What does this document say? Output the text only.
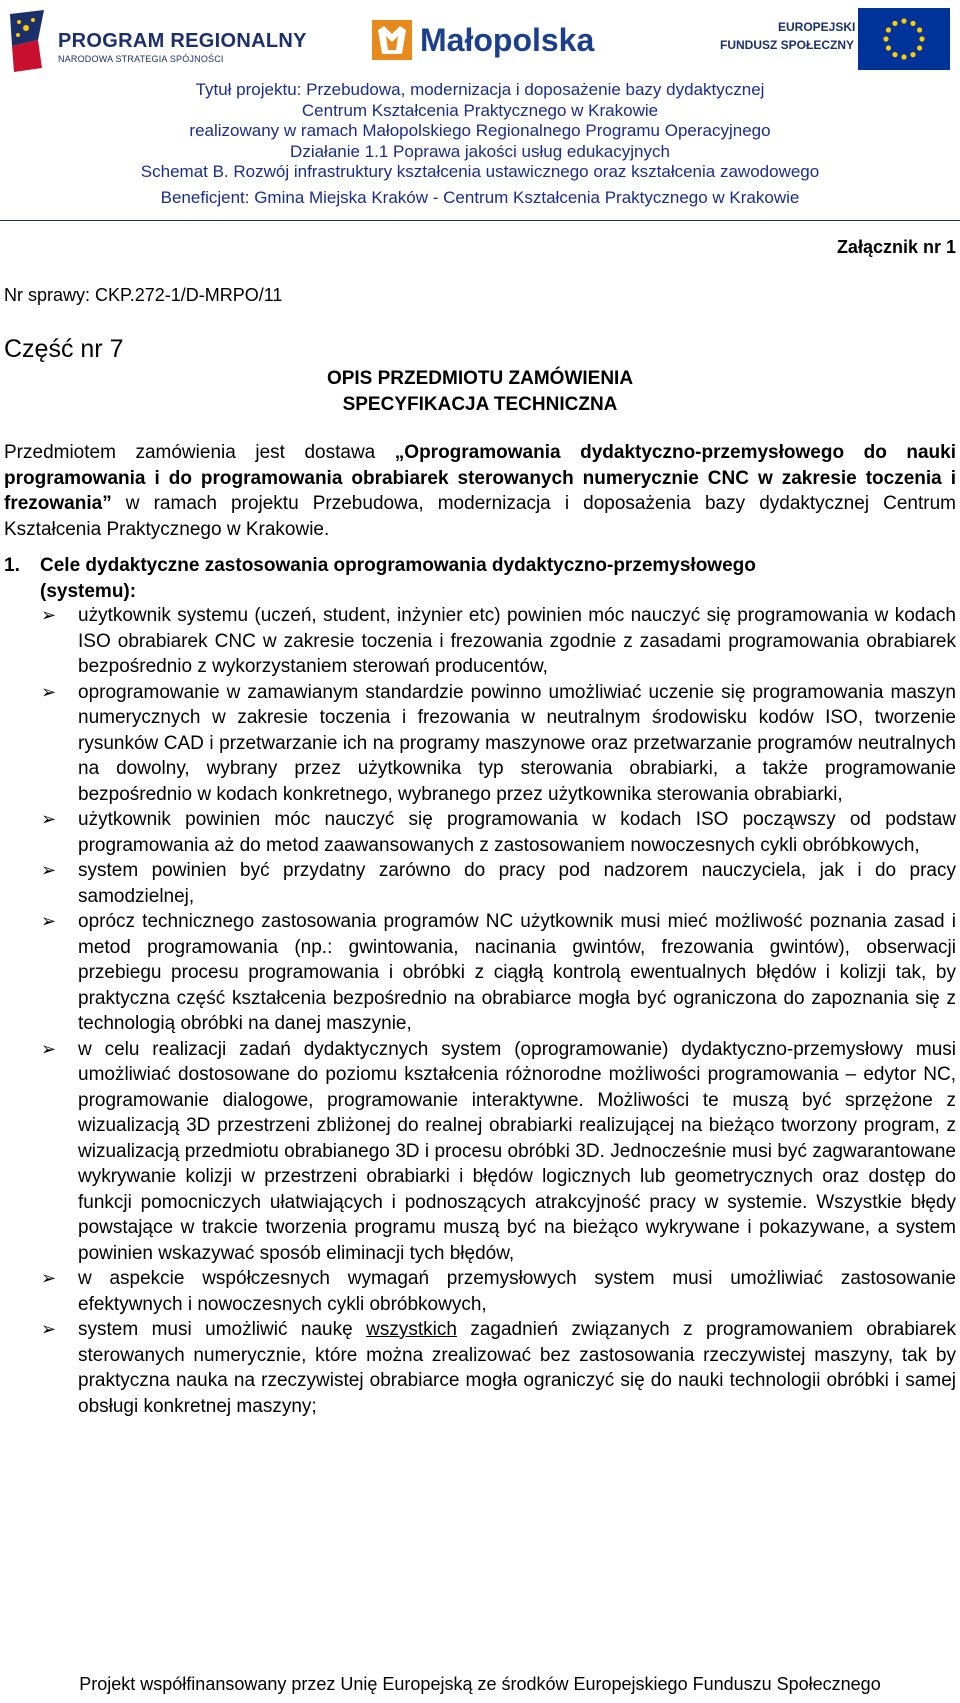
PROGRAM REGIONALNY
NARODOWA STRATEGIA SPÓJNOŚCI
Małopolska	EUROPEJSKI
FUNDUSZ SPOŁECZNY
Tytuł projektu: Przebudowa, modernizacja i doposażenie bazy dydaktycznej
Centrum Kształcenia Praktycznego w Krakowie
realizowany w ramach Małopolskiego Regionalnego Programu Operacyjnego
Działanie 1.1 Poprawa jakości usług edukacyjnych
Schemat B. Rozwój infrastruktury kształcenia ustawicznego oraz kształcenia zawodowego
Beneficjent: Gmina Miejska Kraków - Centrum Kształcenia Praktycznego w Krakowie
Załącznik nr 1
Nr sprawy: CKP.272-1/D-MRPO/11
Część nr 7
OPIS PRZEDMIOTU ZAMÓWIENIA
SPECYFIKACJA TECHNICZNA
Przedmiotem zamówienia jest dostawa „Oprogramowania dydaktyczno-przemysłowego do nauki programowania i do programowania obrabiarek sterowanych numerycznie CNC w zakresie toczenia i frezowania” w ramach projektu Przebudowa, modernizacja i doposażenia bazy dydaktycznej Centrum Kształcenia Praktycznego w Krakowie.
1. Cele dydaktyczne zastosowania oprogramowania dydaktyczno-przemysłowego
(systemu):
➢ użytkownik systemu (uczeń, student, inżynier etc) powinien móc nauczyć się programowania w kodach ISO obrabiarek CNC w zakresie toczenia i frezowania zgodnie z zasadami programowania obrabiarek bezpośrednio z wykorzystaniem sterowań producentów,
➢ oprogramowanie w zamawianym standardzie powinno umożliwiać uczenie się programowania maszyn numerycznych w zakresie toczenia i frezowania w neutralnym środowisku kodów ISO, tworzenie rysunków CAD i przetwarzanie ich na programy maszynowe oraz przetwarzanie programów neutralnych na dowolny, wybrany przez użytkownika typ sterowania obrabiarki, a także programowanie bezpośrednio w kodach konkretnego, wybranego przez użytkownika sterowania obrabiarki,
➢ użytkownik powinien móc nauczyć się programowania w kodach ISO począwszy od podstaw programowania aż do metod zaawansowanych z zastosowaniem nowoczesnych cykli obróbkowych,
➢ system powinien być przydatny zarówno do pracy pod nadzorem nauczyciela, jak i do pracy samodzielnej,
➢ oprócz technicznego zastosowania programów NC użytkownik musi mieć możliwość poznania zasad i metod programowania (np.: gwintowania, nacinania gwintów, frezowania gwintów), obserwacji przebiegu procesu programowania i obróbki z ciągłą kontrolą ewentualnych błędów i kolizji tak, by praktyczna część kształcenia bezpośrednio na obrabiarce mogła być ograniczona do zapoznania się z technologią obróbki na danej maszynie,
➢ w celu realizacji zadań dydaktycznych system (oprogramowanie) dydaktyczno-przemysłowy musi umożliwiać dostosowane do poziomu kształcenia różnorodne możliwości programowania – edytor NC, programowanie dialogowe, programowanie interaktywne. Możliwości te muszą być sprzężone z wizualizacją 3D przestrzeni zbliżonej do realnej obrabiarki realizującej na bieżąco tworzony program, z wizualizacją przedmiotu obrabianego 3D i procesu obróbki 3D. Jednocześnie musi być zagwarantowane wykrywanie kolizji w przestrzeni obrabiarki i błędów logicznych lub geometrycznych oraz dostęp do funkcji pomocniczych ułatwiających i podnoszących atrakcyjność pracy w systemie. Wszystkie błędy powstające w trakcie tworzenia programu muszą być na bieżąco wykrywane i pokazywane, a system powinien wskazywać sposób eliminacji tych błędów,
➢ w aspekcie współczesnych wymagań przemysłowych system musi umożliwiać zastosowanie efektywnych i nowoczesnych cykli obróbkowych,
➢ system musi umożliwić naukę wszystkich zagadnień związanych z programowaniem obrabiarek sterowanych numerycznie, które można zrealizować bez zastosowania rzeczywistej maszyny, tak by praktyczna nauka na rzeczywistej obrabiarce mogła ograniczyć się do nauki technologii obróbki i samej obsługi konkretnej maszyny;
Projekt współfinansowany przez Unię Europejską ze środków Europejskiego Funduszu Społecznego
